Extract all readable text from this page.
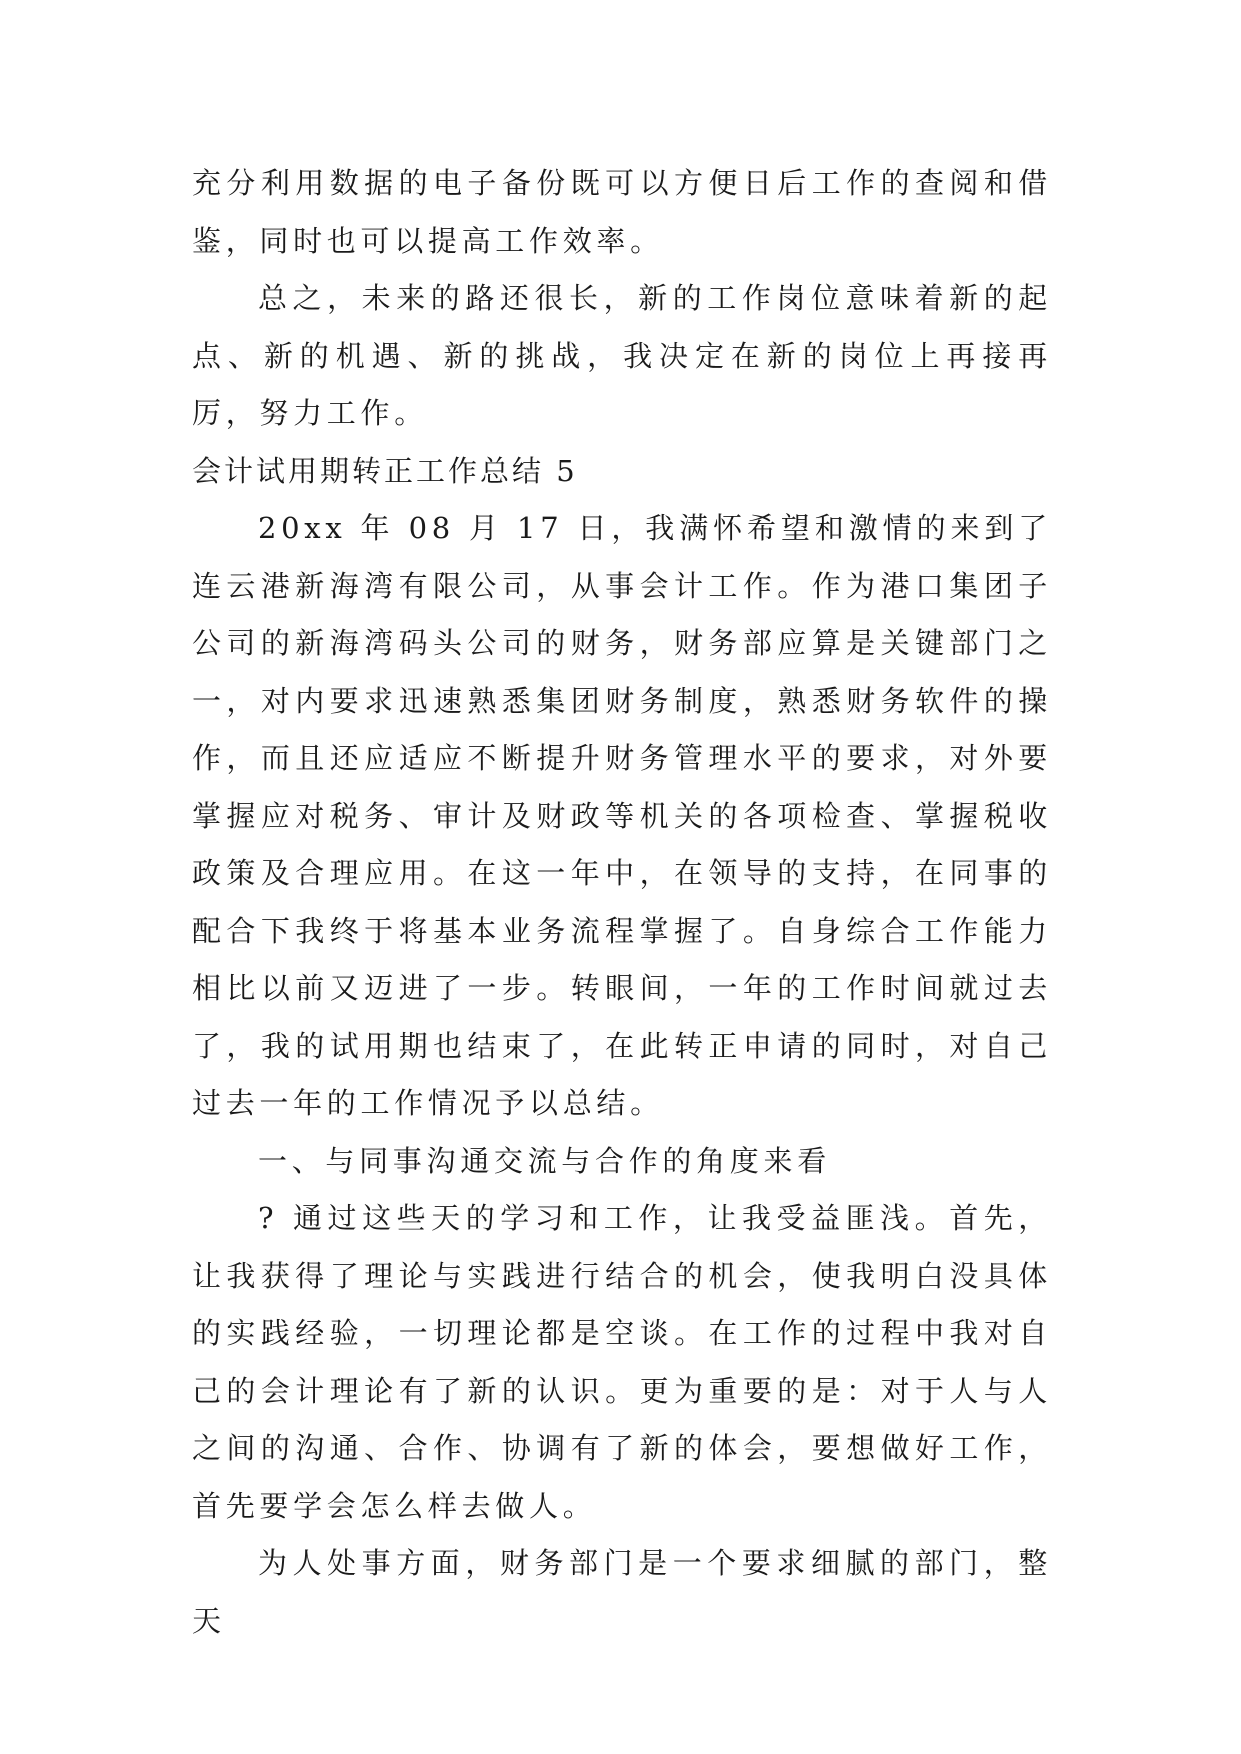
充分利用数据的电子备份既可以方便日后工作的查阅和借鉴，同时也可以提高工作效率。

总之，未来的路还很长，新的工作岗位意味着新的起点、新的机遇、新的挑战，我决定在新的岗位上再接再厉，努力工作。

会计试用期转正工作总结 5

20xx 年 08 月 17 日，我满怀希望和激情的来到了连云港新海湾有限公司，从事会计工作。作为港口集团子公司的新海湾码头公司的财务，财务部应算是关键部门之一，对内要求迅速熟悉集团财务制度，熟悉财务软件的操作，而且还应适应不断提升财务管理水平的要求，对外要掌握应对税务、审计及财政等机关的各项检查、掌握税收政策及合理应用。在这一年中，在领导的支持，在同事的配合下我终于将基本业务流程掌握了。自身综合工作能力相比以前又迈进了一步。转眼间，一年的工作时间就过去了，我的试用期也结束了，在此转正申请的同时，对自己过去一年的工作情况予以总结。

一、与同事沟通交流与合作的角度来看

? 通过这些天的学习和工作，让我受益匪浅。首先，让我获得了理论与实践进行结合的机会，使我明白没具体的实践经验，一切理论都是空谈。在工作的过程中我对自己的会计理论有了新的认识。更为重要的是：对于人与人之间的沟通、合作、协调有了新的体会，要想做好工作，首先要学会怎么样去做人。

为人处事方面，财务部门是一个要求细腻的部门，整天
